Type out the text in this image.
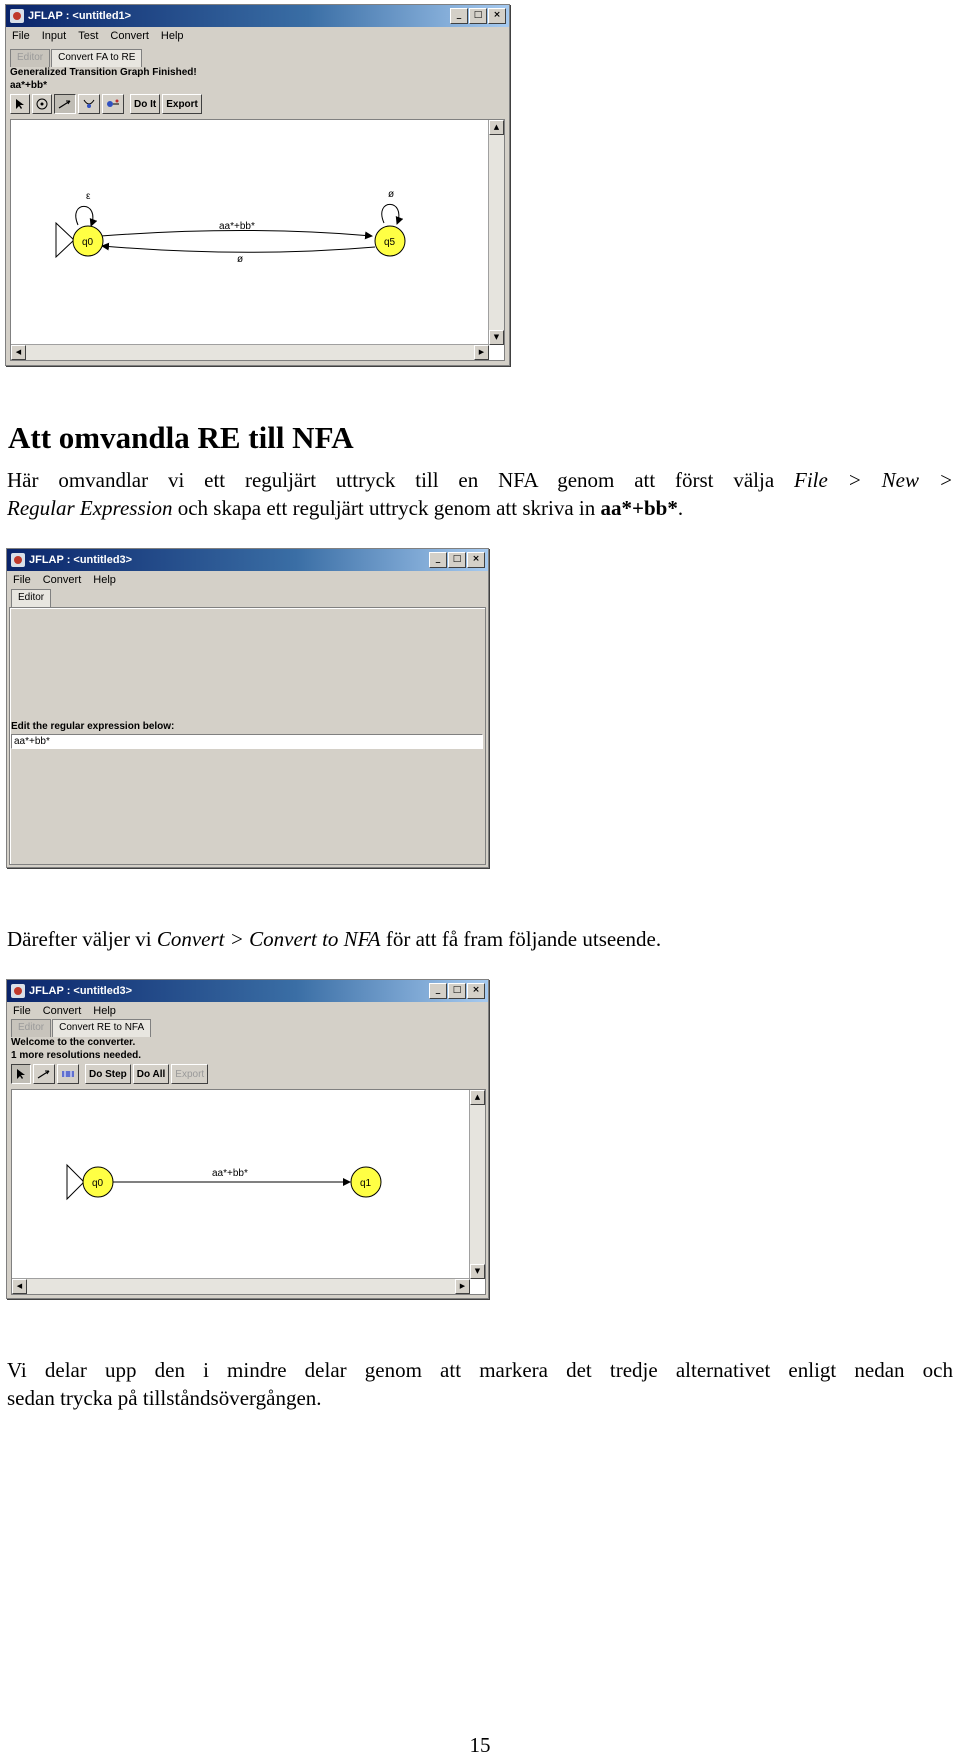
JFLAP : <untitled1>	_	□	×
File Input Test Convert Help
Editor	Convert FA to RE
Generalized Transition Graph Finished!
aa*+bb*
Do It	Export
q0	q5
ε	ø
aa*+bb*
ø
▲
▼
◀	▶
Att omvandla RE till NFA

Här omvandlar vi ett reguljärt uttryck till en NFA genom att först välja File > New >

Regular Expression och skapa ett reguljärt uttryck genom att skriva in aa*+bb*.

JFLAP : <untitled3>	_	□	×
File Convert Help
Editor
Edit the regular expression below:
aa*+bb*

Därefter väljer vi Convert > Convert to NFA för att få fram följande utseende.

JFLAP : <untitled3>	_	□	×
File Convert Help
Editor	Convert RE to NFA
Welcome to the converter.
1 more resolutions needed.
Do Step	Do All	Export
q0	q1
aa*+bb*
▲
▼
◀	▶

Vi delar upp den i mindre delar genom att markera det tredje alternativet enligt nedan och

sedan trycka på tillståndsövergången.

15
